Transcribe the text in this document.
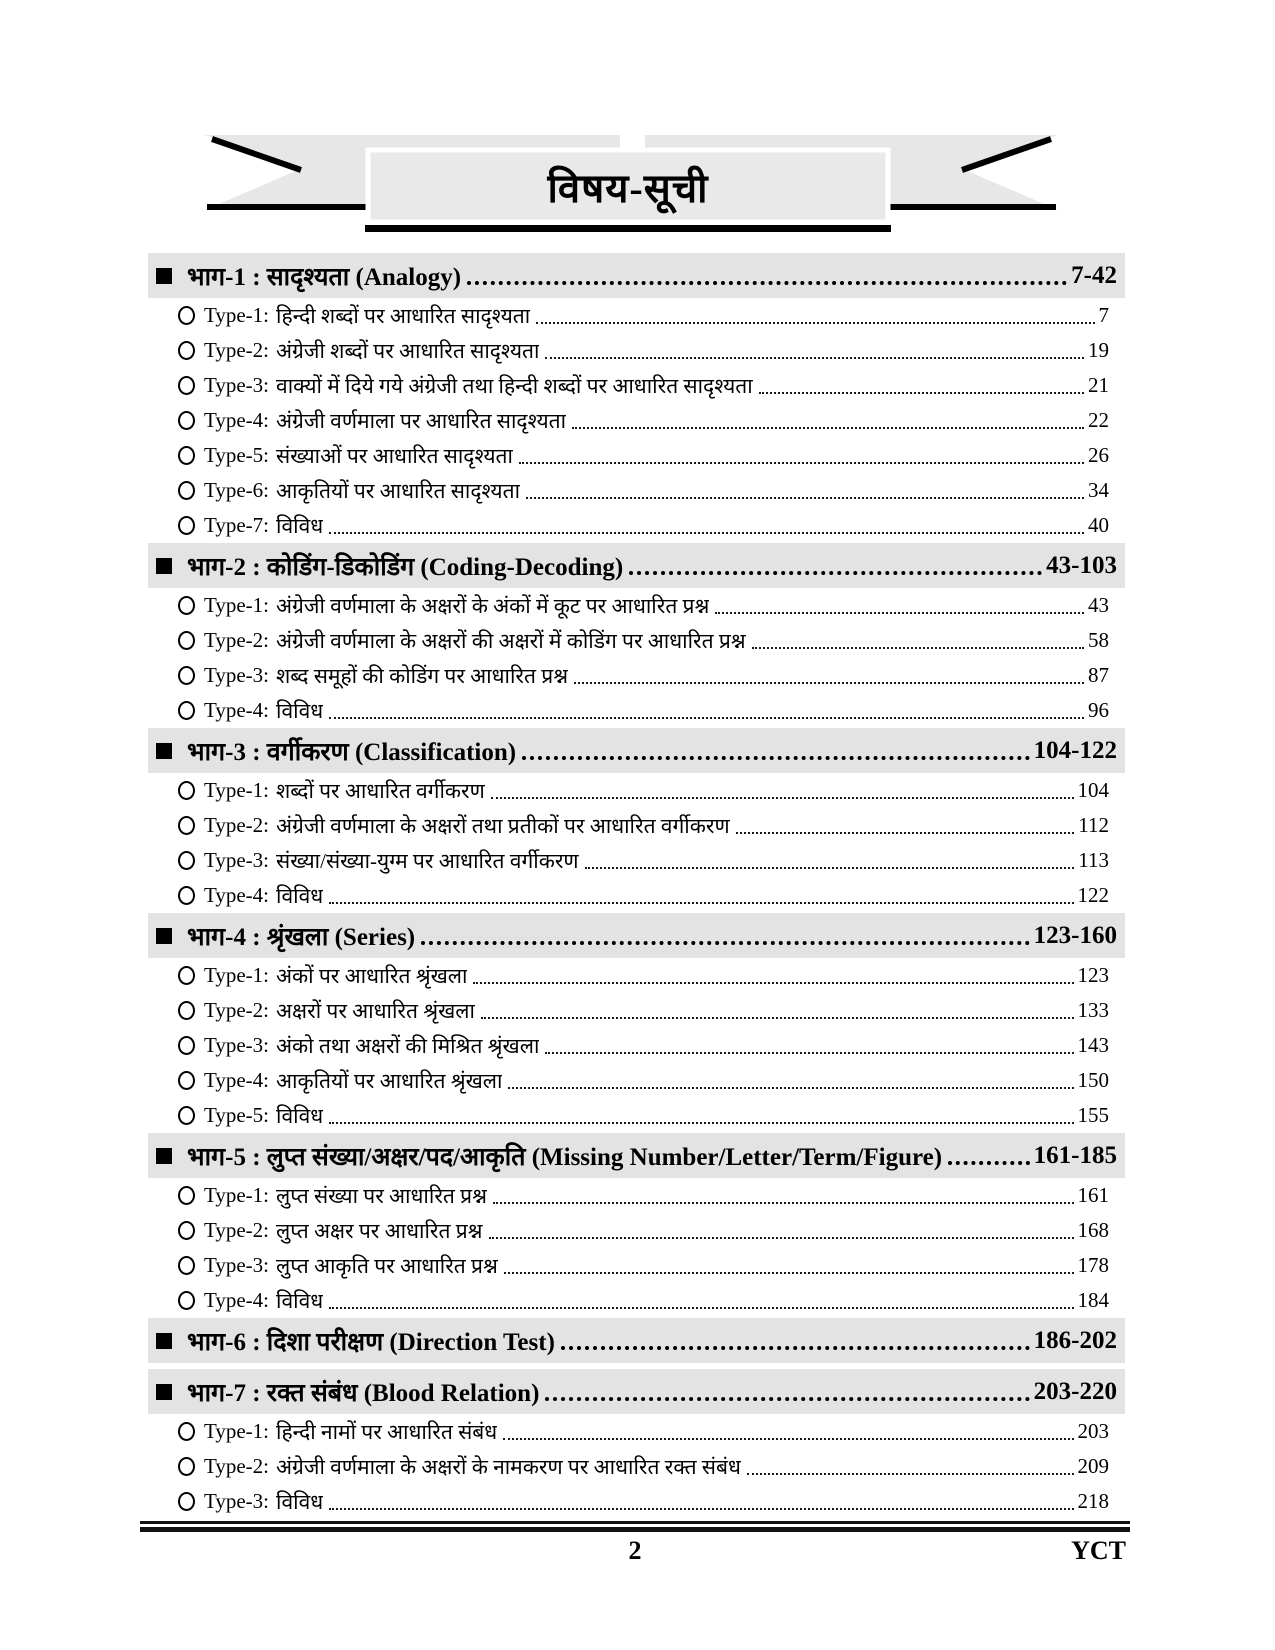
विषय-सूची
भाग-1 : सादृश्यता (Analogy)	7-42
Type-1: हिन्दी शब्दों पर आधारित सादृश्यता	7
Type-2: अंग्रेजी शब्दों पर आधारित सादृश्यता	19
Type-3: वाक्यों में दिये गये अंग्रेजी तथा हिन्दी शब्दों पर आधारित सादृश्यता	21
Type-4: अंग्रेजी वर्णमाला पर आधारित सादृश्यता	22
Type-5: संख्याओं पर आधारित सादृश्यता	26
Type-6: आकृतियों पर आधारित सादृश्यता	34
Type-7: विविध	40
भाग-2 : कोडिंग-डिकोडिंग (Coding-Decoding)	43-103
Type-1: अंग्रेजी वर्णमाला के अक्षरों के अंकों में कूट पर आधारित प्रश्न	43
Type-2: अंग्रेजी वर्णमाला के अक्षरों की अक्षरों में कोडिंग पर आधारित प्रश्न	58
Type-3: शब्द समूहों की कोडिंग पर आधारित प्रश्न	87
Type-4: विविध	96
भाग-3 : वर्गीकरण (Classification)	104-122
Type-1: शब्दों पर आधारित वर्गीकरण	104
Type-2: अंग्रेजी वर्णमाला के अक्षरों तथा प्रतीकों पर आधारित वर्गीकरण	112
Type-3: संख्या/संख्या-युग्म पर आधारित वर्गीकरण	113
Type-4: विविध	122
भाग-4 : श्रृंखला (Series)	123-160
Type-1: अंकों पर आधारित श्रृंखला	123
Type-2: अक्षरों पर आधारित श्रृंखला	133
Type-3: अंको तथा अक्षरों की मिश्रित श्रृंखला	143
Type-4: आकृतियों पर आधारित श्रृंखला	150
Type-5: विविध	155
भाग-5 : लुप्त संख्या/अक्षर/पद/आकृति (Missing Number/Letter/Term/Figure)	161-185
Type-1: लुप्त संख्या पर आधारित प्रश्न	161
Type-2: लुप्त अक्षर पर आधारित प्रश्न	168
Type-3: लुप्त आकृति पर आधारित प्रश्न	178
Type-4: विविध	184
भाग-6 : दिशा परीक्षण (Direction Test)	186-202
भाग-7 : रक्त संबंध (Blood Relation)	203-220
Type-1: हिन्दी नामों पर आधारित संबंध	203
Type-2: अंग्रेजी वर्णमाला के अक्षरों के नामकरण पर आधारित रक्त संबंध	209
Type-3: विविध	218
2	YCT
